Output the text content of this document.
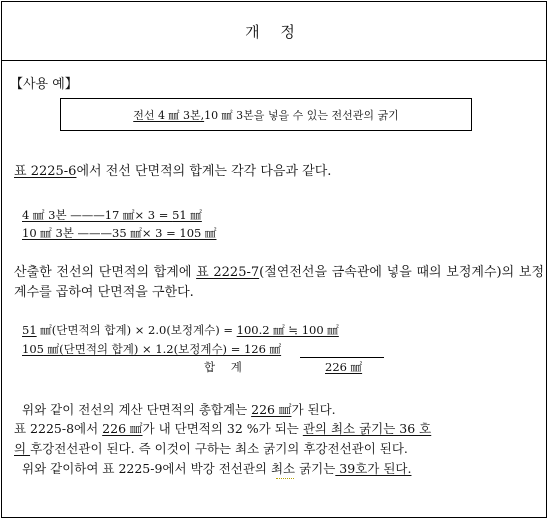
개 정
【사용 예】
전선 4 ㎟ 3본, 10 ㎟ 3본을 넣을 수 있는 전선관의 굵기
표 2225-6에서 전선 단면적의 합계는 각각 다음과 같다.
4 ㎟ 3본 ———17 ㎟× 3 = 51 ㎟
10 ㎟ 3본 ———35 ㎟× 3 = 105 ㎟
산출한 전선의 단면적의 합계에 표 2225-7(절연전선을 금속관에 넣을 때의 보정계수)의 보정계수를 곱하여 단면적을 구한다.
51 ㎟(단면적의 합계) × 2.0(보정계수) = 100.2 ㎟ ≒ 100 ㎟
105 ㎟(단면적의 합계) × 1.2(보정계수) = 126 ㎟
합 계	226 ㎟
위와 같이 전선의 계산 단면적의 총합계는 226 ㎟가 된다.
표 2225-8에서 226 ㎟가 내 단면적의 32 %가 되는 관의 최소 굵기는 36 호
의 후강전선관이 된다. 즉 이것이 구하는 최소 굵기의 후강전선관이 된다.
위와 같이하여 표 2225-9에서 박강 전선관의 최소 굵기는 39호가 된다.
